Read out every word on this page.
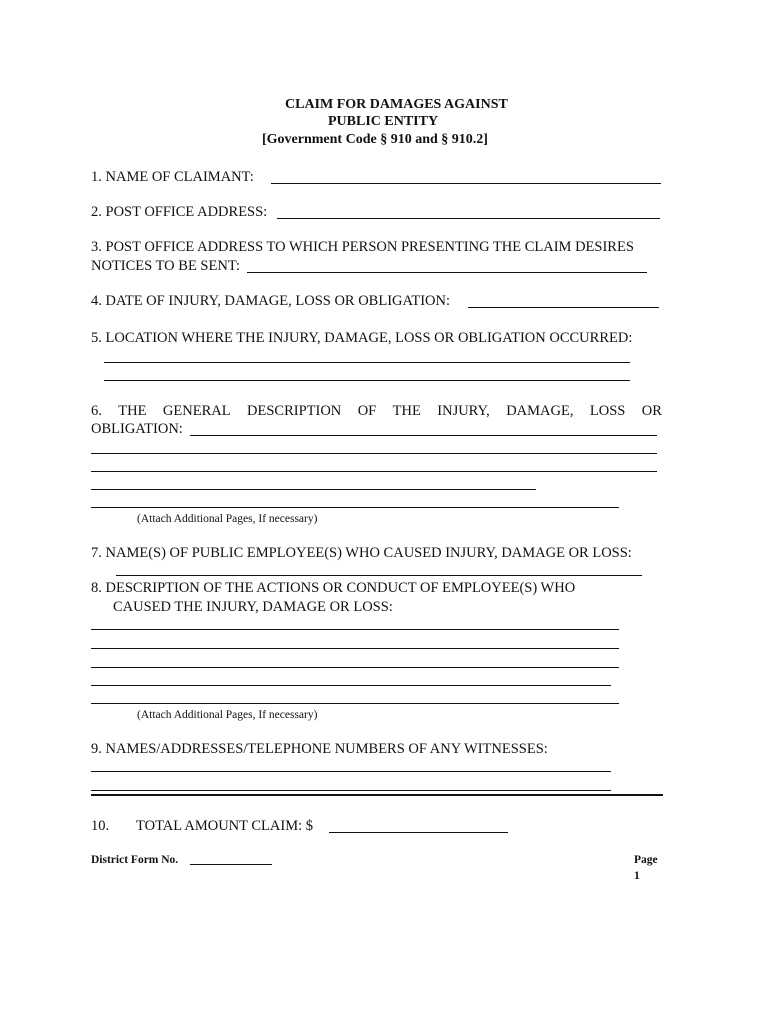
CLAIM FOR DAMAGES AGAINST
PUBLIC ENTITY
[Government Code § 910 and § 910.2]
1. NAME OF CLAIMANT:
2. POST OFFICE ADDRESS:
3. POST OFFICE ADDRESS TO WHICH PERSON PRESENTING THE CLAIM DESIRES
NOTICES TO BE SENT:
4. DATE OF INJURY, DAMAGE, LOSS OR OBLIGATION:
5. LOCATION WHERE THE INJURY, DAMAGE, LOSS OR OBLIGATION OCCURRED:
6. THE GENERAL DESCRIPTION OF THE INJURY, DAMAGE, LOSS OR
OBLIGATION:
(Attach Additional Pages, If necessary)
7. NAME(S) OF PUBLIC EMPLOYEE(S) WHO CAUSED INJURY, DAMAGE OR LOSS:
8. DESCRIPTION OF THE ACTIONS OR CONDUCT OF EMPLOYEE(S) WHO
CAUSED THE INJURY, DAMAGE OR LOSS:
(Attach Additional Pages, If necessary)
9. NAMES/ADDRESSES/TELEPHONE NUMBERS OF ANY WITNESSES:
10. TOTAL AMOUNT CLAIM: $
District Form No.	Page
1
